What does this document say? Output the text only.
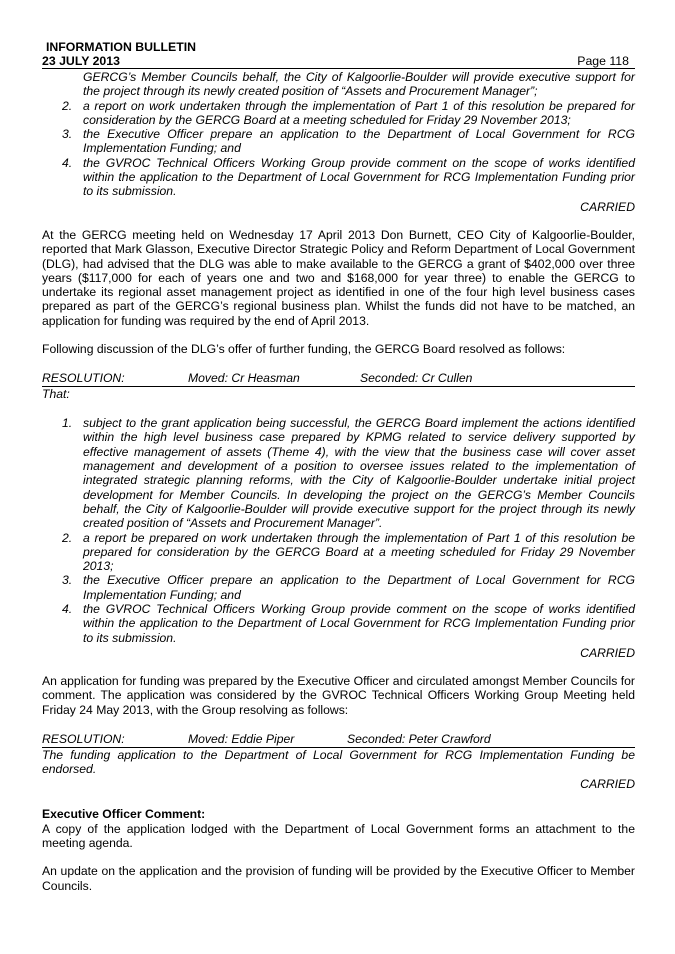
INFORMATION BULLETIN
23 JULY 2013	Page 118
GERCG’s Member Councils behalf, the City of Kalgoorlie-Boulder will provide executive support for the project through its newly created position of “Assets and Procurement Manager”;
2. a report on work undertaken through the implementation of Part 1 of this resolution be prepared for consideration by the GERCG Board at a meeting scheduled for Friday 29 November 2013;
3. the Executive Officer prepare an application to the Department of Local Government for RCG Implementation Funding; and
4. the GVROC Technical Officers Working Group provide comment on the scope of works identified within the application to the Department of Local Government for RCG Implementation Funding prior to its submission.
CARRIED

At the GERCG meeting held on Wednesday 17 April 2013 Don Burnett, CEO City of Kalgoorlie-Boulder, reported that Mark Glasson, Executive Director Strategic Policy and Reform Department of Local Government (DLG), had advised that the DLG was able to make available to the GERCG a grant of $402,000 over three years ($117,000 for each of years one and two and $168,000 for year three) to enable the GERCG to undertake its regional asset management project as identified in one of the four high level business cases prepared as part of the GERCG’s regional business plan. Whilst the funds did not have to be matched, an application for funding was required by the end of April 2013.

Following discussion of the DLG’s offer of further funding, the GERCG Board resolved as follows:

RESOLUTION:	Moved: Cr Heasman	Seconded: Cr Cullen

That:

1. subject to the grant application being successful, the GERCG Board implement the actions identified within the high level business case prepared by KPMG related to service delivery supported by effective management of assets (Theme 4), with the view that the business case will cover asset management and development of a position to oversee issues related to the implementation of integrated strategic planning reforms, with the City of Kalgoorlie-Boulder undertake initial project development for Member Councils. In developing the project on the GERCG’s Member Councils behalf, the City of Kalgoorlie-Boulder will provide executive support for the project through its newly created position of “Assets and Procurement Manager”.
2. a report be prepared on work undertaken through the implementation of Part 1 of this resolution be prepared for consideration by the GERCG Board at a meeting scheduled for Friday 29 November 2013;
3. the Executive Officer prepare an application to the Department of Local Government for RCG Implementation Funding; and
4. the GVROC Technical Officers Working Group provide comment on the scope of works identified within the application to the Department of Local Government for RCG Implementation Funding prior to its submission.
CARRIED

An application for funding was prepared by the Executive Officer and circulated amongst Member Councils for comment. The application was considered by the GVROC Technical Officers Working Group Meeting held Friday 24 May 2013, with the Group resolving as follows:

RESOLUTION:	Moved: Eddie Piper	Seconded: Peter Crawford

The funding application to the Department of Local Government for RCG Implementation Funding be endorsed.

CARRIED

Executive Officer Comment:

A copy of the application lodged with the Department of Local Government forms an attachment to the meeting agenda.

An update on the application and the provision of funding will be provided by the Executive Officer to Member Councils.
